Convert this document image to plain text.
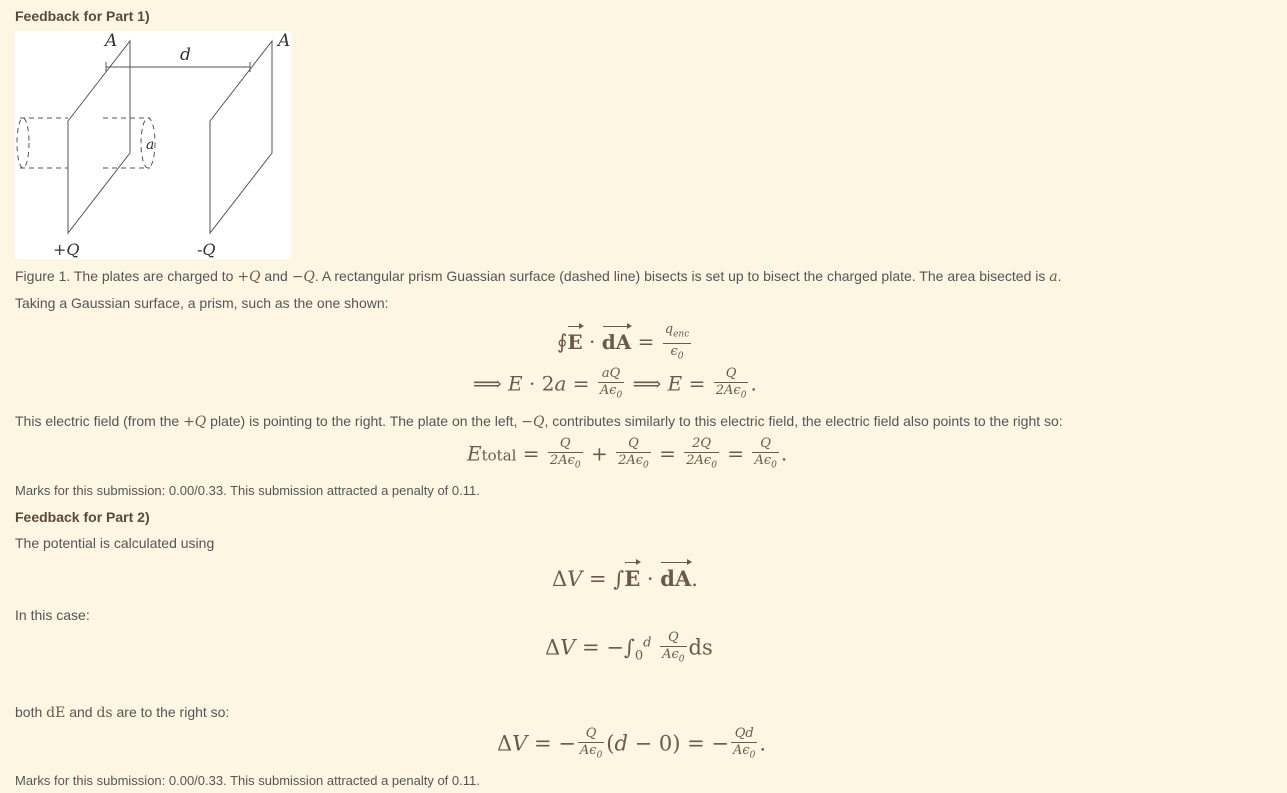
Feedback for Part 1)
A	A
d
a
+Q	-Q
Figure 1. The plates are charged to +Q and −Q. A rectangular prism Guassian surface (dashed line) bisects is set up to bisect the charged plate. The area bisected is a.
Taking a Gaussian surface, a prism, such as the one shown:
∮E · dA = $\frac{q_{enc}}{\epsilon_0}$
⟹ $E \cdot 2a = \frac{aQ}{A\epsilon_0}$ ⟹ $E = \frac{Q}{2A\epsilon_0}$ .
This electric field (from the +Q plate) is pointing to the right. The plate on the left, −Q, contributes similarly to this electric field, the electric field also points to the right so:
Etotal = $\frac{Q}{2A\epsilon_0} + \frac{Q}{2A\epsilon_0} = \frac{2Q}{2A\epsilon_0} = \frac{Q}{A\epsilon_0}$ .
Marks for this submission: 0.00/0.33. This submission attracted a penalty of 0.11.
Feedback for Part 2)
The potential is calculated using
ΔV = ∫E · dA.
In this case:
$\Delta V = -\int_0^d \frac{Q}{A\epsilon_0}$ ds
both dE and ds are to the right so:
ΔV = − $\frac{Q}{A\epsilon_0} (d - 0)$ = − $\frac{Qd}{A\epsilon_0}$ .
Marks for this submission: 0.00/0.33. This submission attracted a penalty of 0.11.
